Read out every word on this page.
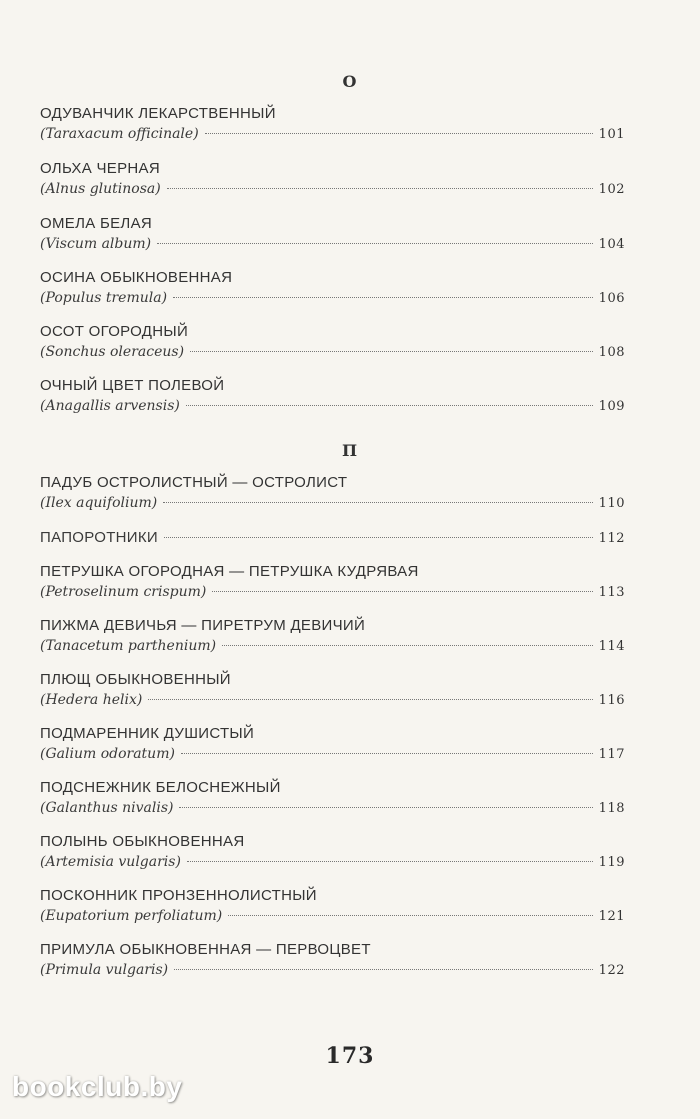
О
ОДУВАНЧИК ЛЕКАРСТВЕННЫЙ
(Taraxacum officinale)	101
ОЛЬХА ЧЕРНАЯ
(Alnus glutinosa)	102
ОМЕЛА БЕЛАЯ
(Viscum album)	104
ОСИНА ОБЫКНОВЕННАЯ
(Populus tremula)	106
ОСОТ ОГОРОДНЫЙ
(Sonchus oleraceus)	108
ОЧНЫЙ ЦВЕТ ПОЛЕВОЙ
(Anagallis arvensis)	109
П
ПАДУБ ОСТРОЛИСТНЫЙ — ОСТРОЛИСТ
(Ilex aquifolium)	110
ПАПОРОТНИКИ	112
ПЕТРУШКА ОГОРОДНАЯ — ПЕТРУШКА КУДРЯВАЯ
(Petroselinum crispum)	113
ПИЖМА ДЕВИЧЬЯ — ПИРЕТРУМ ДЕВИЧИЙ
(Tanacetum parthenium)	114
ПЛЮЩ ОБЫКНОВЕННЫЙ
(Hedera helix)	116
ПОДМАРЕННИК ДУШИСТЫЙ
(Galium odoratum)	117
ПОДСНЕЖНИК БЕЛОСНЕЖНЫЙ
(Galanthus nivalis)	118
ПОЛЫНЬ ОБЫКНОВЕННАЯ
(Artemisia vulgaris)	119
ПОСКОННИК ПРОНЗЕННОЛИСТНЫЙ
(Eupatorium perfoliatum)	121
ПРИМУЛА ОБЫКНОВЕННАЯ — ПЕРВОЦВЕТ
(Primula vulgaris)	122
173
bookclub.by
